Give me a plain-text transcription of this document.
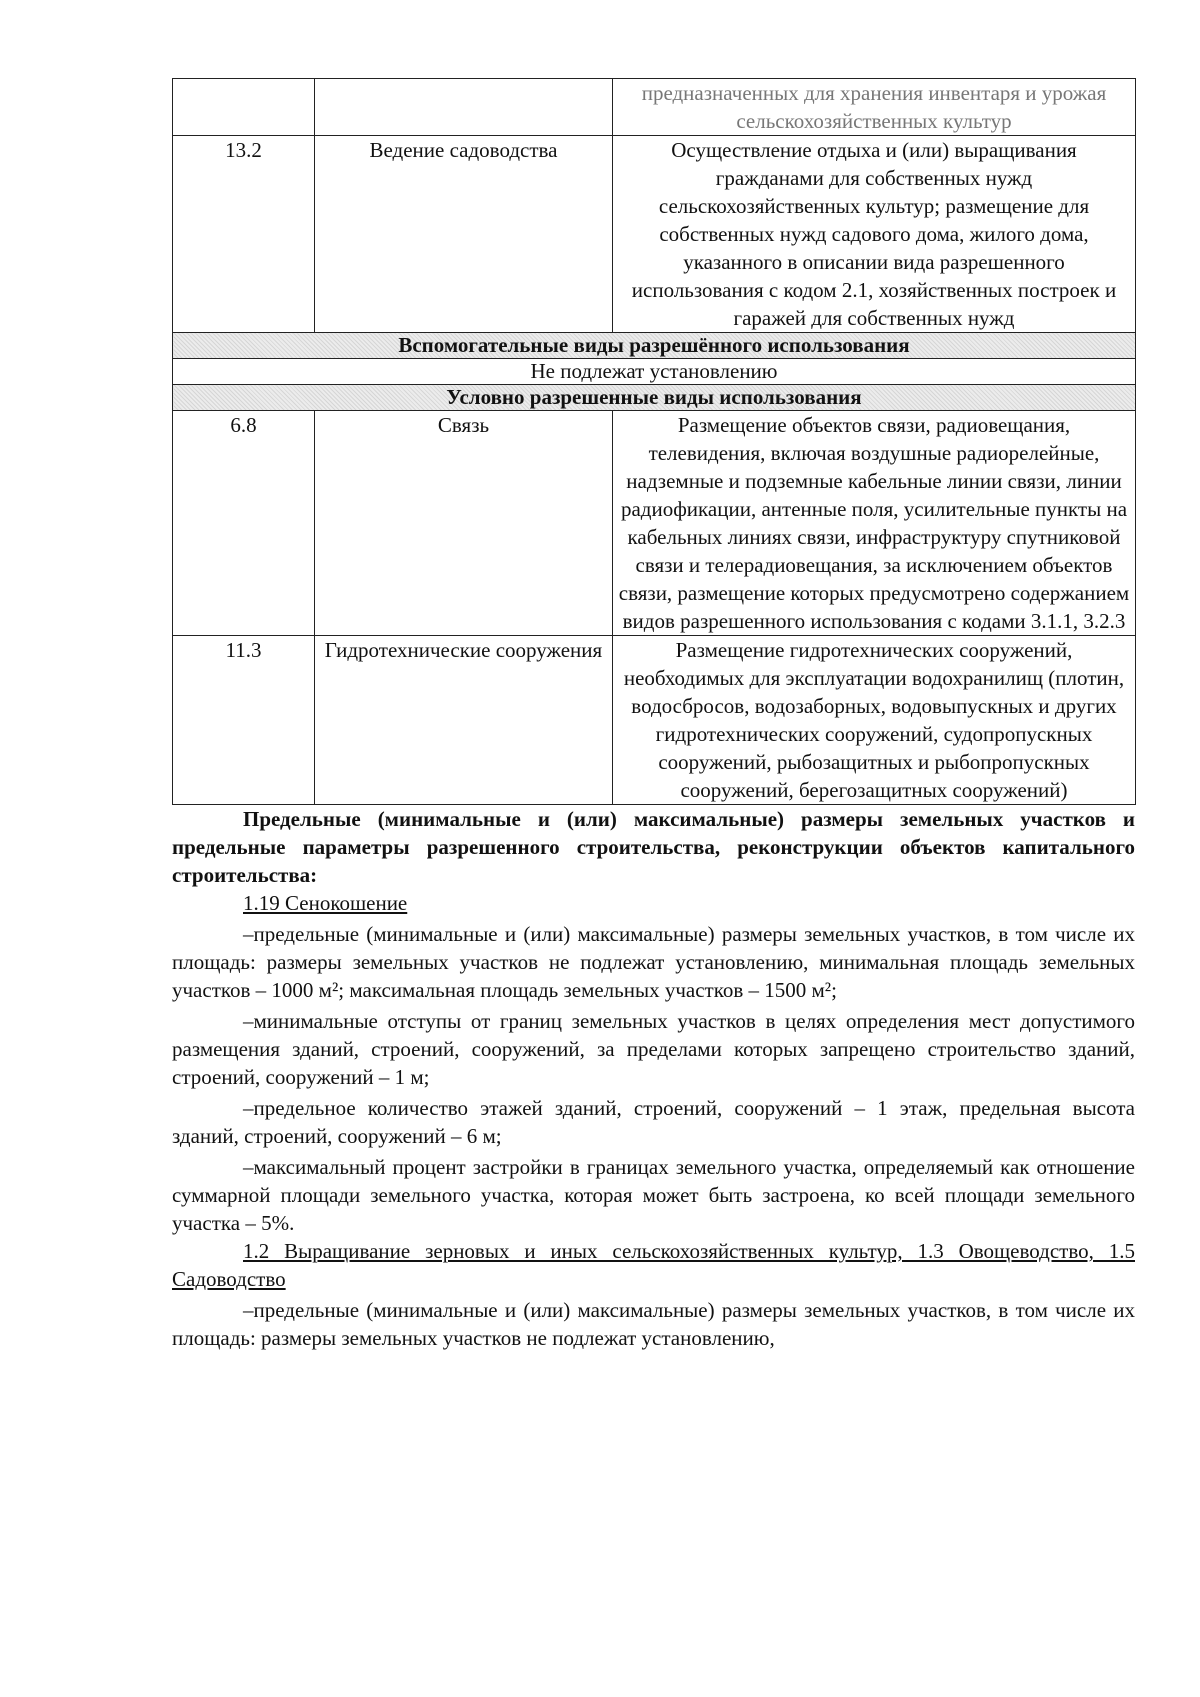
		предназначенных для хранения инвентаря и урожая сельскохозяйственных культур
13.2	Ведение садоводства	Осуществление отдыха и (или) выращивания гражданами для собственных нужд сельскохозяйственных культур; размещение для собственных нужд садового дома, жилого дома, указанного в описании вида разрешенного использования с кодом 2.1, хозяйственных построек и гаражей для собственных нужд
Вспомогательные виды разрешённого использования		
Не подлежат установлению		
Условно разрешенные виды использования		
6.8	Связь	Размещение объектов связи, радиовещания, телевидения, включая воздушные радиорелейные, надземные и подземные кабельные линии связи, линии радиофикации, антенные поля, усилительные пункты на кабельных линиях связи, инфраструктуру спутниковой связи и телерадиовещания, за исключением объектов связи, размещение которых предусмотрено содержанием видов разрешенного использования с кодами 3.1.1, 3.2.3
11.3	Гидротехнические сооружения	Размещение гидротехнических сооружений, необходимых для эксплуатации водохранилищ (плотин, водосбросов, водозаборных, водовыпускных и других гидротехнических сооружений, судопропускных сооружений, рыбозащитных и рыбопропускных сооружений, берегозащитных сооружений)

Предельные (минимальные и (или) максимальные) размеры земельных участков и предельные параметры разрешенного строительства, реконструкции объектов капитального строительства:

1.19 Сенокошение

–предельные (минимальные и (или) максимальные) размеры земельных участков, в том числе их площадь: размеры земельных участков не подлежат установлению, минимальная площадь земельных участков – 1000 м²; максимальная площадь земельных участков – 1500 м²;

–минимальные отступы от границ земельных участков в целях определения мест допустимого размещения зданий, строений, сооружений, за пределами которых запрещено строительство зданий, строений, сооружений – 1 м;

–предельное количество этажей зданий, строений, сооружений – 1 этаж, предельная высота зданий, строений, сооружений – 6 м;

–максимальный процент застройки в границах земельного участка, определяемый как отношение суммарной площади земельного участка, которая может быть застроена, ко всей площади земельного участка – 5%.

1.2 Выращивание зерновых и иных сельскохозяйственных культур, 1.3 Овощеводство, 1.5 Садоводство

–предельные (минимальные и (или) максимальные) размеры земельных участков, в том числе их площадь: размеры земельных участков не подлежат установлению,
